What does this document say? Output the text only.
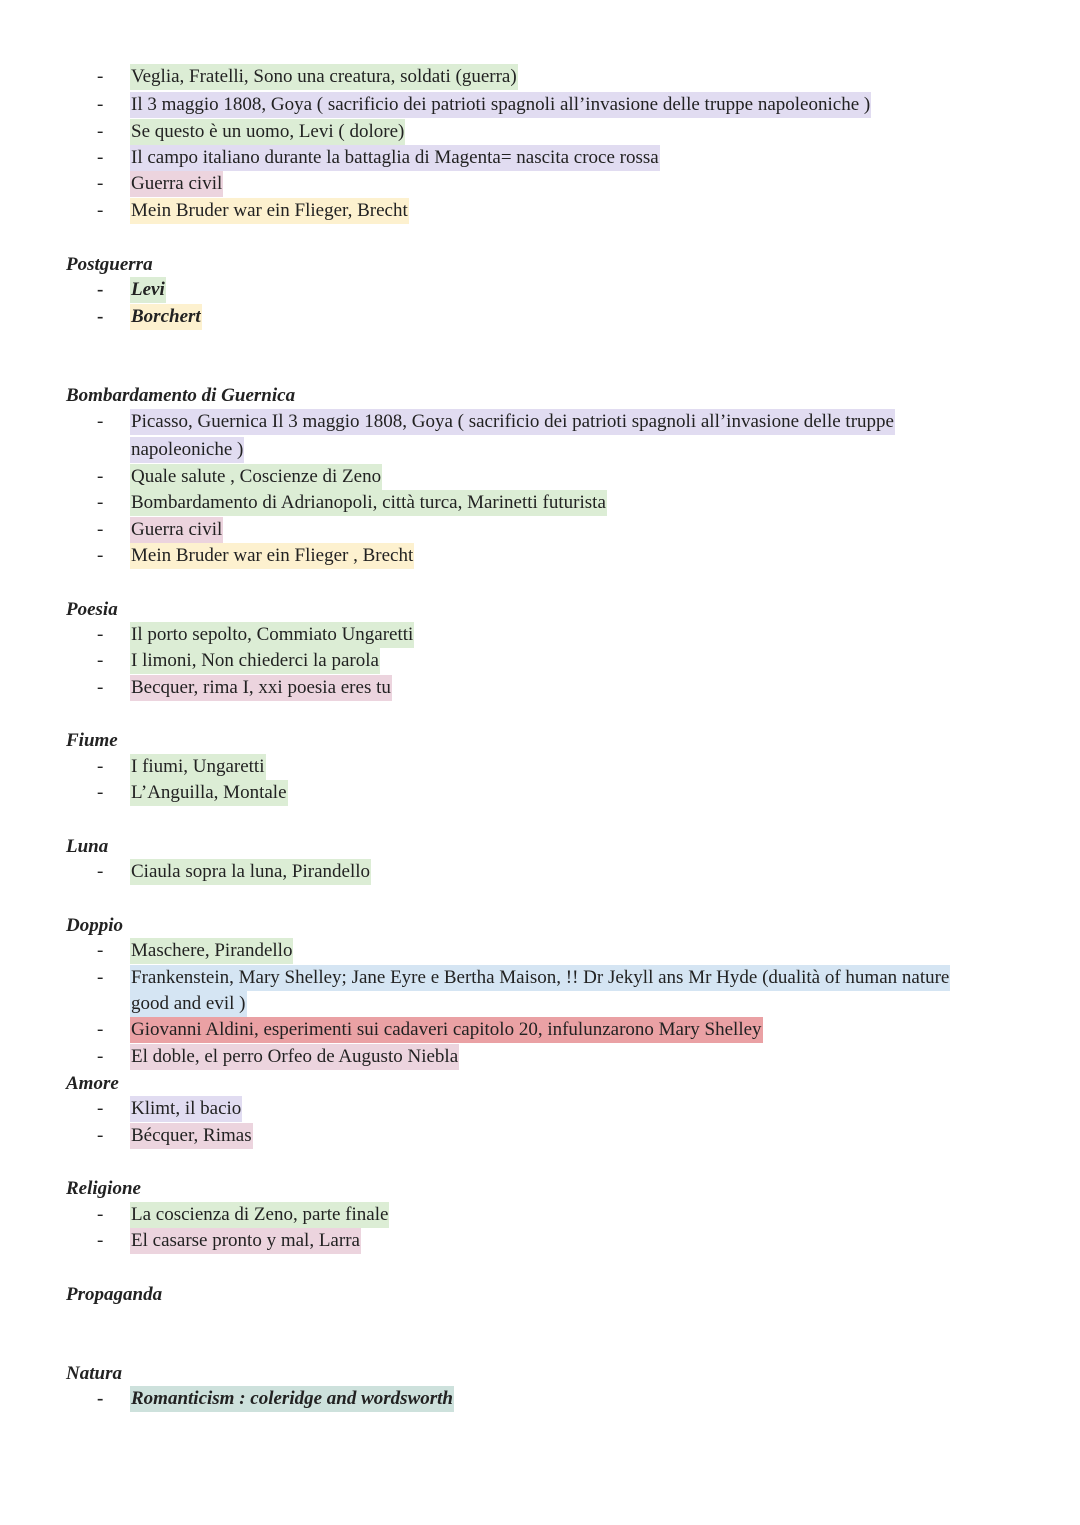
- Veglia, Fratelli, Sono una creatura, soldati (guerra)
- Il 3 maggio 1808, Goya ( sacrificio dei patrioti spagnoli all’invasione delle truppe napoleoniche )
- Se questo è un uomo, Levi ( dolore)
- Il campo italiano durante la battaglia di Magenta= nascita croce rossa
- Guerra civil
- Mein Bruder war ein Flieger, Brecht
Postguerra
- Levi
- Borchert
Bombardamento di Guernica
- Picasso, Guernica Il 3 maggio 1808, Goya ( sacrificio dei patrioti spagnoli all’invasione delle truppe
napoleoniche )
- Quale salute , Coscienze di Zeno
- Bombardamento di Adrianopoli, città turca, Marinetti futurista
- Guerra civil
- Mein Bruder war ein Flieger , Brecht
Poesia
- Il porto sepolto, Commiato Ungaretti
- I limoni, Non chiederci la parola
- Becquer, rima I, xxi poesia eres tu
Fiume
- I fiumi, Ungaretti
- L’Anguilla, Montale
Luna
- Ciaula sopra la luna, Pirandello
Doppio
- Maschere, Pirandello
- Frankenstein, Mary Shelley; Jane Eyre e Bertha Maison, !! Dr Jekyll ans Mr Hyde (dualità of human nature
good and evil )
- Giovanni Aldini, esperimenti sui cadaveri capitolo 20, infulunzarono Mary Shelley
- El doble, el perro Orfeo de Augusto Niebla
Amore
- Klimt, il bacio
- Bécquer, Rimas
Religione
- La coscienza di Zeno, parte finale
- El casarse pronto y mal, Larra
Propaganda
Natura
- Romanticism : coleridge and wordsworth
